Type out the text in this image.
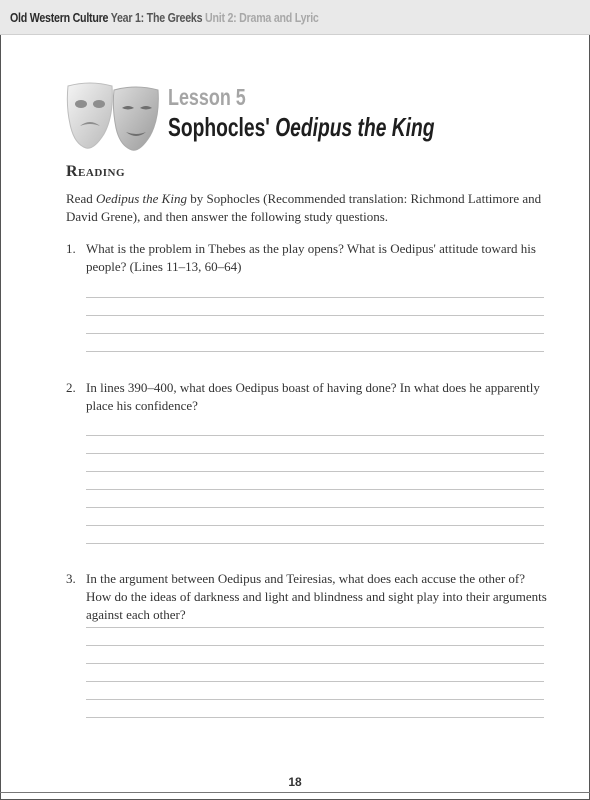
Old Western Culture Year 1: The Greeks Unit 2: Drama and Lyric
Lesson 5
Sophocles' Oedipus the King
Reading
Read Oedipus the King by Sophocles (Recommended translation: Richmond Lattimore and David Grene), and then answer the following study questions.
1. What is the problem in Thebes as the play opens? What is Oedipus' attitude toward his people? (Lines 11–13, 60–64)
2. In lines 390–400, what does Oedipus boast of having done? In what does he apparently place his confidence?
3. In the argument between Oedipus and Teiresias, what does each accuse the other of? How do the ideas of darkness and light and blindness and sight play into their arguments against each other?
18
